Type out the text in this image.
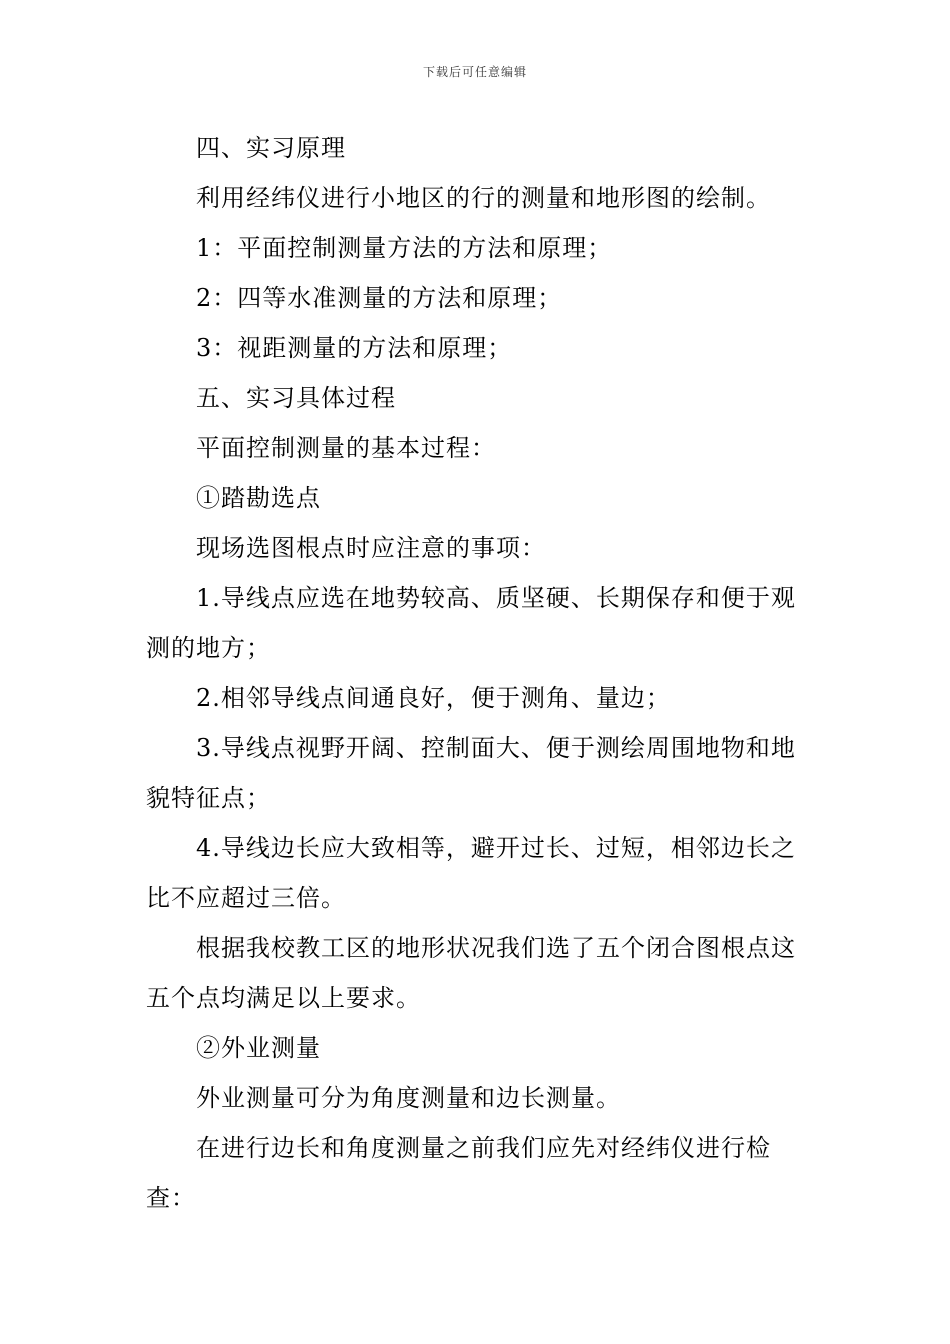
下载后可任意编辑

四、实习原理

利用经纬仪进行小地区的行的测量和地形图的绘制。

1：平面控制测量方法的方法和原理；

2：四等水准测量的方法和原理；

3：视距测量的方法和原理；

五、实习具体过程

平面控制测量的基本过程：

①踏勘选点

现场选图根点时应注意的事项：

1.导线点应选在地势较高、质坚硬、长期保存和便于观测的地方；

2.相邻导线点间通良好，便于测角、量边；

3.导线点视野开阔、控制面大、便于测绘周围地物和地貌特征点；

4.导线边长应大致相等，避开过长、过短，相邻边长之比不应超过三倍。

根据我校教工区的地形状况我们选了五个闭合图根点这五个点均满足以上要求。

②外业测量

外业测量可分为角度测量和边长测量。

在进行边长和角度测量之前我们应先对经纬仪进行检查：
